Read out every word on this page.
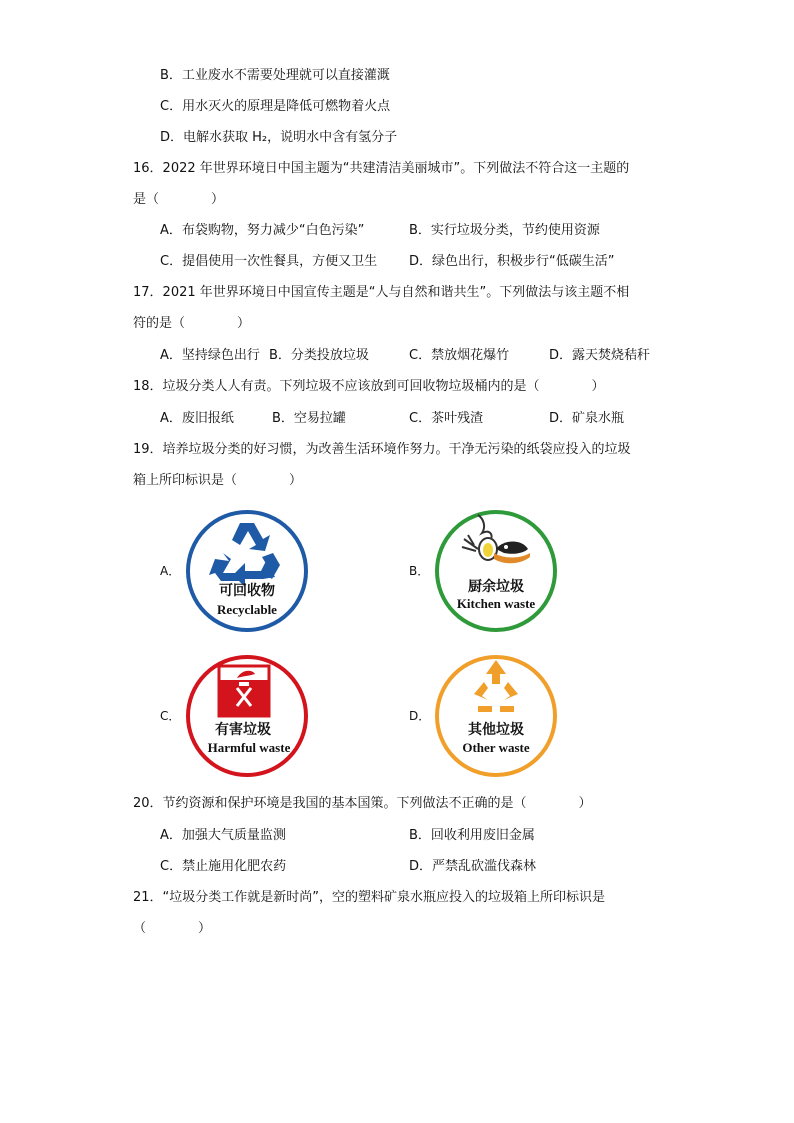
B．工业废水不需要处理就可以直接灌溉
C．用水灭火的原理是降低可燃物着火点
D．电解水获取 H₂，说明水中含有氢分子
16．2022 年世界环境日中国主题为“共建清洁美丽城市”。下列做法不符合这一主题的
是（　　　　）
A．布袋购物，努力减少“白色污染”	B．实行垃圾分类，节约使用资源
C．提倡使用一次性餐具，方便又卫生 D．绿色出行，积极步行“低碳生活”
17．2021 年世界环境日中国宣传主题是“人与自然和谐共生”。下列做法与该主题不相
符的是（　　　　）
A．坚持绿色出行 B．分类投放垃圾	C．禁放烟花爆竹	D．露天焚烧秸秆
18．垃圾分类人人有责。下列垃圾不应该放到可回收物垃圾桶内的是（　　　　）
A．废旧报纸	B．空易拉罐	C．茶叶残渣	D．矿泉水瓶
19．培养垃圾分类的好习惯，为改善生活环境作努力。干净无污染的纸袋应投入的垃圾
箱上所印标识是（　　　　）
A．	B．
C．	D．
可回收物
Recyclable
厨余垃圾
Kitchen waste
有害垃圾
Harmful waste
其他垃圾
Other waste
20．节约资源和保护环境是我国的基本国策。下列做法不正确的是（　　　　）
A．加强大气质量监测	B．回收利用废旧金属
C．禁止施用化肥农药	D．严禁乱砍滥伐森林
21．“垃圾分类工作就是新时尚”，空的塑料矿泉水瓶应投入的垃圾箱上所印标识是
（　　　　）
